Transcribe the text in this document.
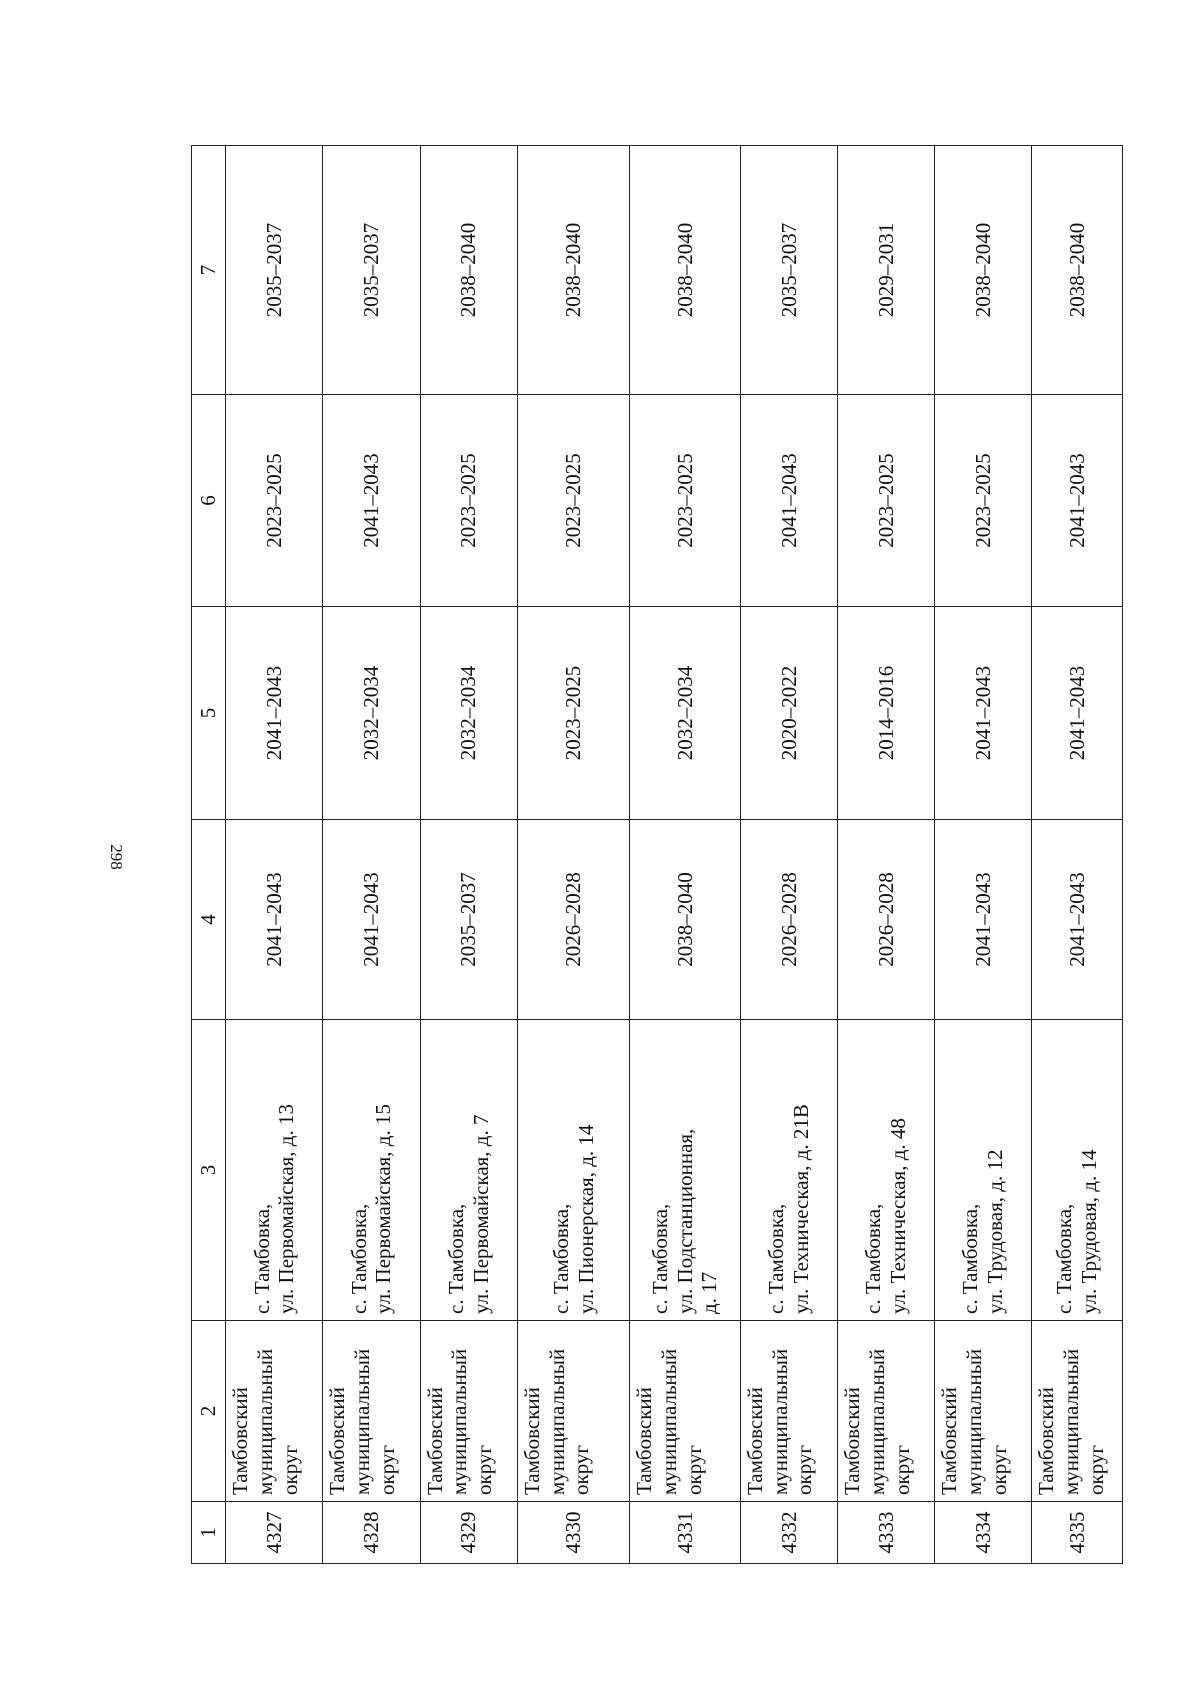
298
1	2	3	4	5	6	7
4327	Тамбовский муниципальный округ	с. Тамбовка, ул. Первомайская, д. 13	2041–2043	2041–2043	2023–2025	2035–2037
4328	Тамбовский муниципальный округ	с. Тамбовка, ул. Первомайская, д. 15	2041–2043	2032–2034	2041–2043	2035–2037
4329	Тамбовский муниципальный округ	с. Тамбовка, ул. Первомайская, д. 7	2035–2037	2032–2034	2023–2025	2038–2040
4330	Тамбовский муниципальный округ	с. Тамбовка, ул. Пионерская, д. 14	2026–2028	2023–2025	2023–2025	2038–2040
4331	Тамбовский муниципальный округ	с. Тамбовка, ул. Подстанционная, д. 17	2038–2040	2032–2034	2023–2025	2038–2040
4332	Тамбовский муниципальный округ	с. Тамбовка, ул. Техническая, д. 21В	2026–2028	2020–2022	2041–2043	2035–2037
4333	Тамбовский муниципальный округ	с. Тамбовка, ул. Техническая, д. 48	2026–2028	2014–2016	2023–2025	2029–2031
4334	Тамбовский муниципальный округ	с. Тамбовка, ул. Трудовая, д. 12	2041–2043	2041–2043	2023–2025	2038–2040
4335	Тамбовский муниципальный округ	с. Тамбовка, ул. Трудовая, д. 14	2041–2043	2041–2043	2041–2043	2038–2040
